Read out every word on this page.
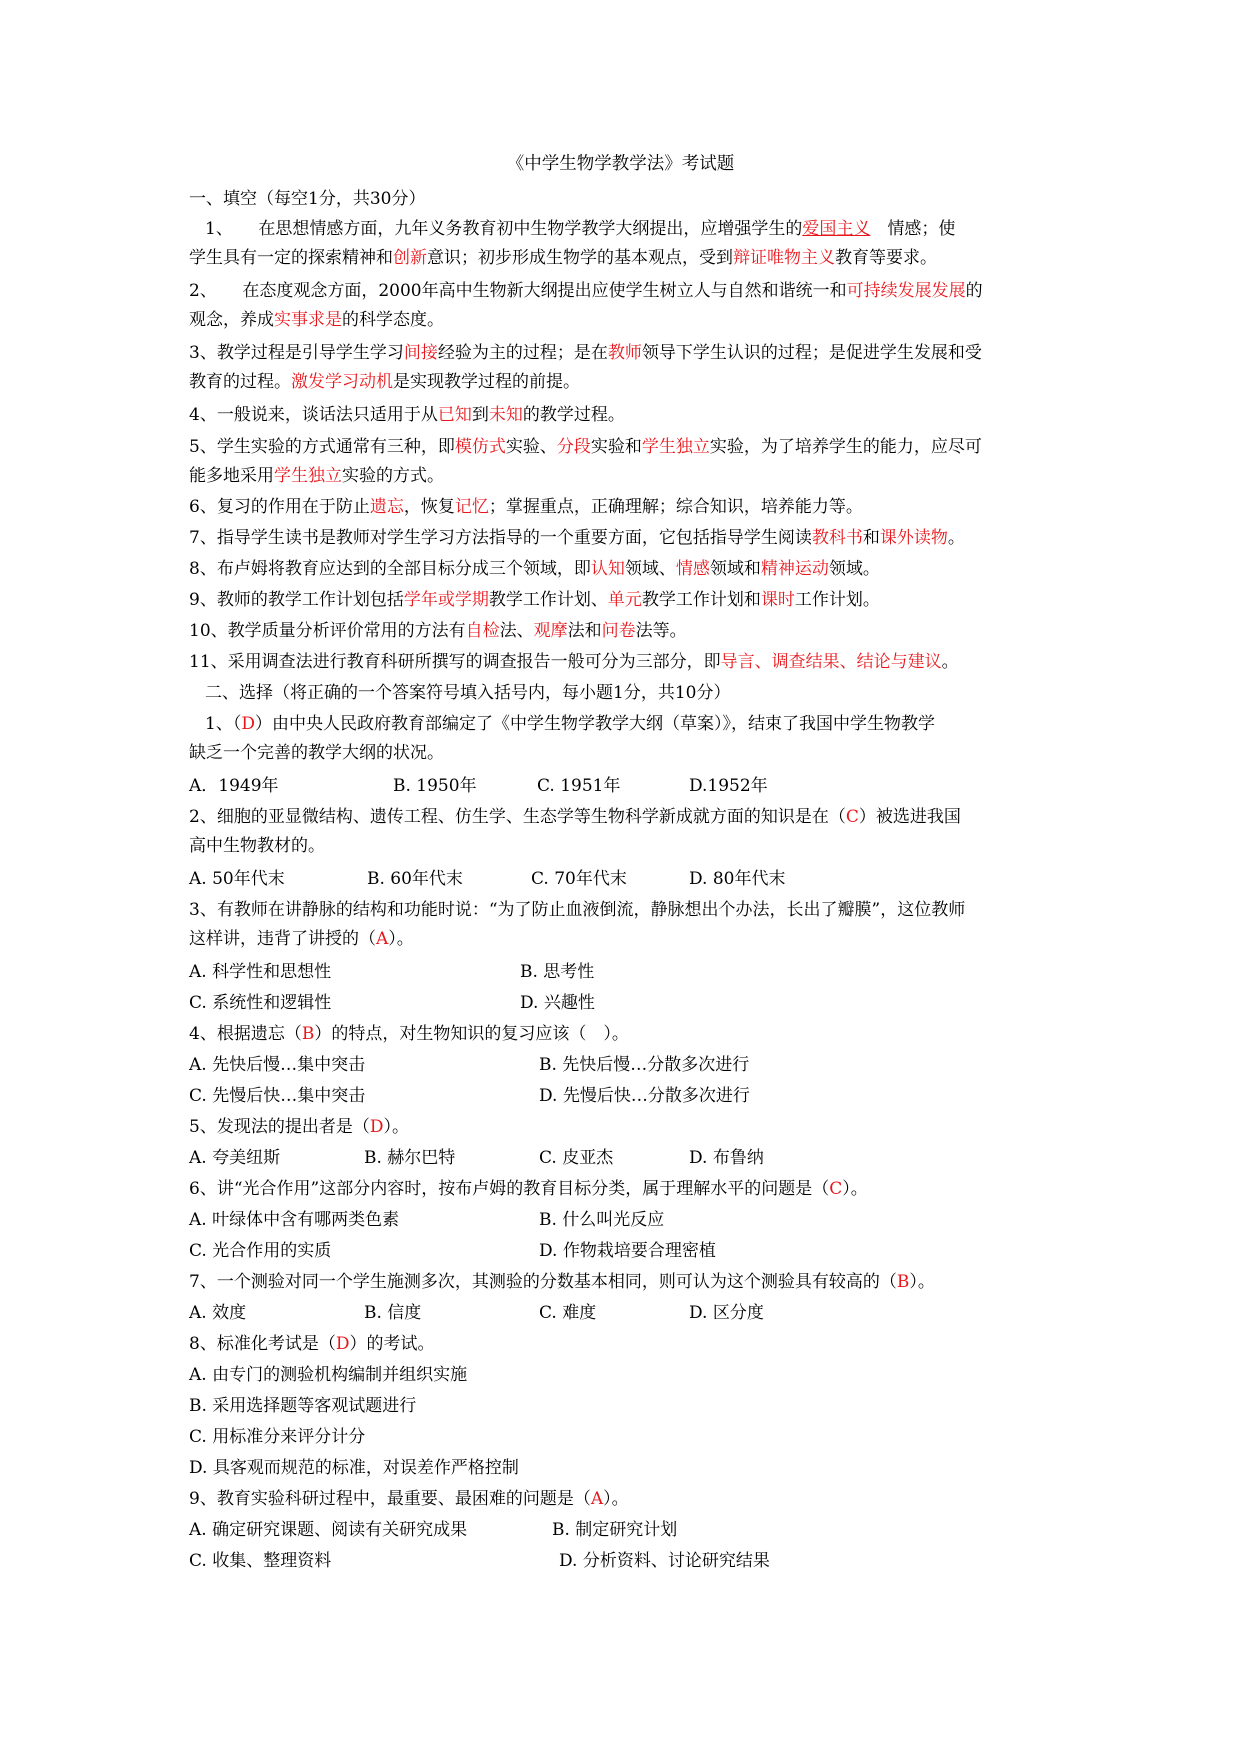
《中学生物学教学法》考试题
一、填空（每空1分，共30分）
1、　　在思想情感方面，九年义务教育初中生物学教学大纲提出，应增强学生的爱国主义　 情感；使
学生具有一定的探索精神和创新意识；初步形成生物学的基本观点，受到辩证唯物主义教育等要求。
2、　　在态度观念方面，2000年高中生物新大纲提出应使学生树立人与自然和谐统一和可持续发展发展的
观念，养成实事求是的科学态度。
3、教学过程是引导学生学习间接经验为主的过程；是在教师领导下学生认识的过程；是促进学生发展和受
教育的过程。激发学习动机是实现教学过程的前提。
4、一般说来，谈话法只适用于从已知到未知的教学过程。
5、学生实验的方式通常有三种，即模仿式实验、分段实验和学生独立实验，为了培养学生的能力，应尽可
能多地采用学生独立实验的方式。
6、复习的作用在于防止遗忘，恢复记忆；掌握重点，正确理解；综合知识，培养能力等。
7、指导学生读书是教师对学生学习方法指导的一个重要方面，它包括指导学生阅读教科书和课外读物。
8、布卢姆将教育应达到的全部目标分成三个领域，即认知领域、情感领域和精神运动领域。
9、教师的教学工作计划包括学年或学期教学工作计划、单元教学工作计划和课时工作计划。
10、教学质量分析评价常用的方法有自检法、观摩法和问卷法等。
11、采用调查法进行教育科研所撰写的调查报告一般可分为三部分，即导言、调查结果、结论与建议。
二、选择（将正确的一个答案符号填入括号内，每小题1分，共10分）
1、（D）由中央人民政府教育部编定了《中学生物学教学大纲（草案）》，结束了我国中学生物教学
缺乏一个完善的教学大纲的状况。
A．1949年	B. 1950年	C. 1951年	D.1952年
2、细胞的亚显微结构、遗传工程、仿生学、生态学等生物科学新成就方面的知识是在（C）被选进我国
高中生物教材的。
A. 50年代末	B. 60年代末	C. 70年代末	D. 80年代末
3、有教师在讲静脉的结构和功能时说：“为了防止血液倒流，静脉想出个办法，长出了瓣膜”，这位教师
这样讲，违背了讲授的（A）。
A. 科学性和思想性	B. 思考性
C. 系统性和逻辑性	D. 兴趣性
4、根据遗忘（B）的特点，对生物知识的复习应该（　）。
A. 先快后慢…集中突击	B. 先快后慢…分散多次进行
C. 先慢后快…集中突击	D. 先慢后快…分散多次进行
5、发现法的提出者是（D）。
A. 夸美纽斯	B. 赫尔巴特	C. 皮亚杰	D. 布鲁纳
6、讲“光合作用”这部分内容时，按布卢姆的教育目标分类，属于理解水平的问题是（C）。
A. 叶绿体中含有哪两类色素	B. 什么叫光反应
C. 光合作用的实质	D. 作物栽培要合理密植
7、一个测验对同一个学生施测多次，其测验的分数基本相同，则可认为这个测验具有较高的（B）。
A. 效度	B. 信度	C. 难度	D. 区分度
8、标准化考试是（D）的考试。
A. 由专门的测验机构编制并组织实施
B. 采用选择题等客观试题进行
C. 用标准分来评分计分
D. 具客观而规范的标准，对误差作严格控制
9、教育实验科研过程中，最重要、最困难的问题是（A）。
A. 确定研究课题、阅读有关研究成果	B. 制定研究计划
C. 收集、整理资料	D. 分析资料、讨论研究结果
